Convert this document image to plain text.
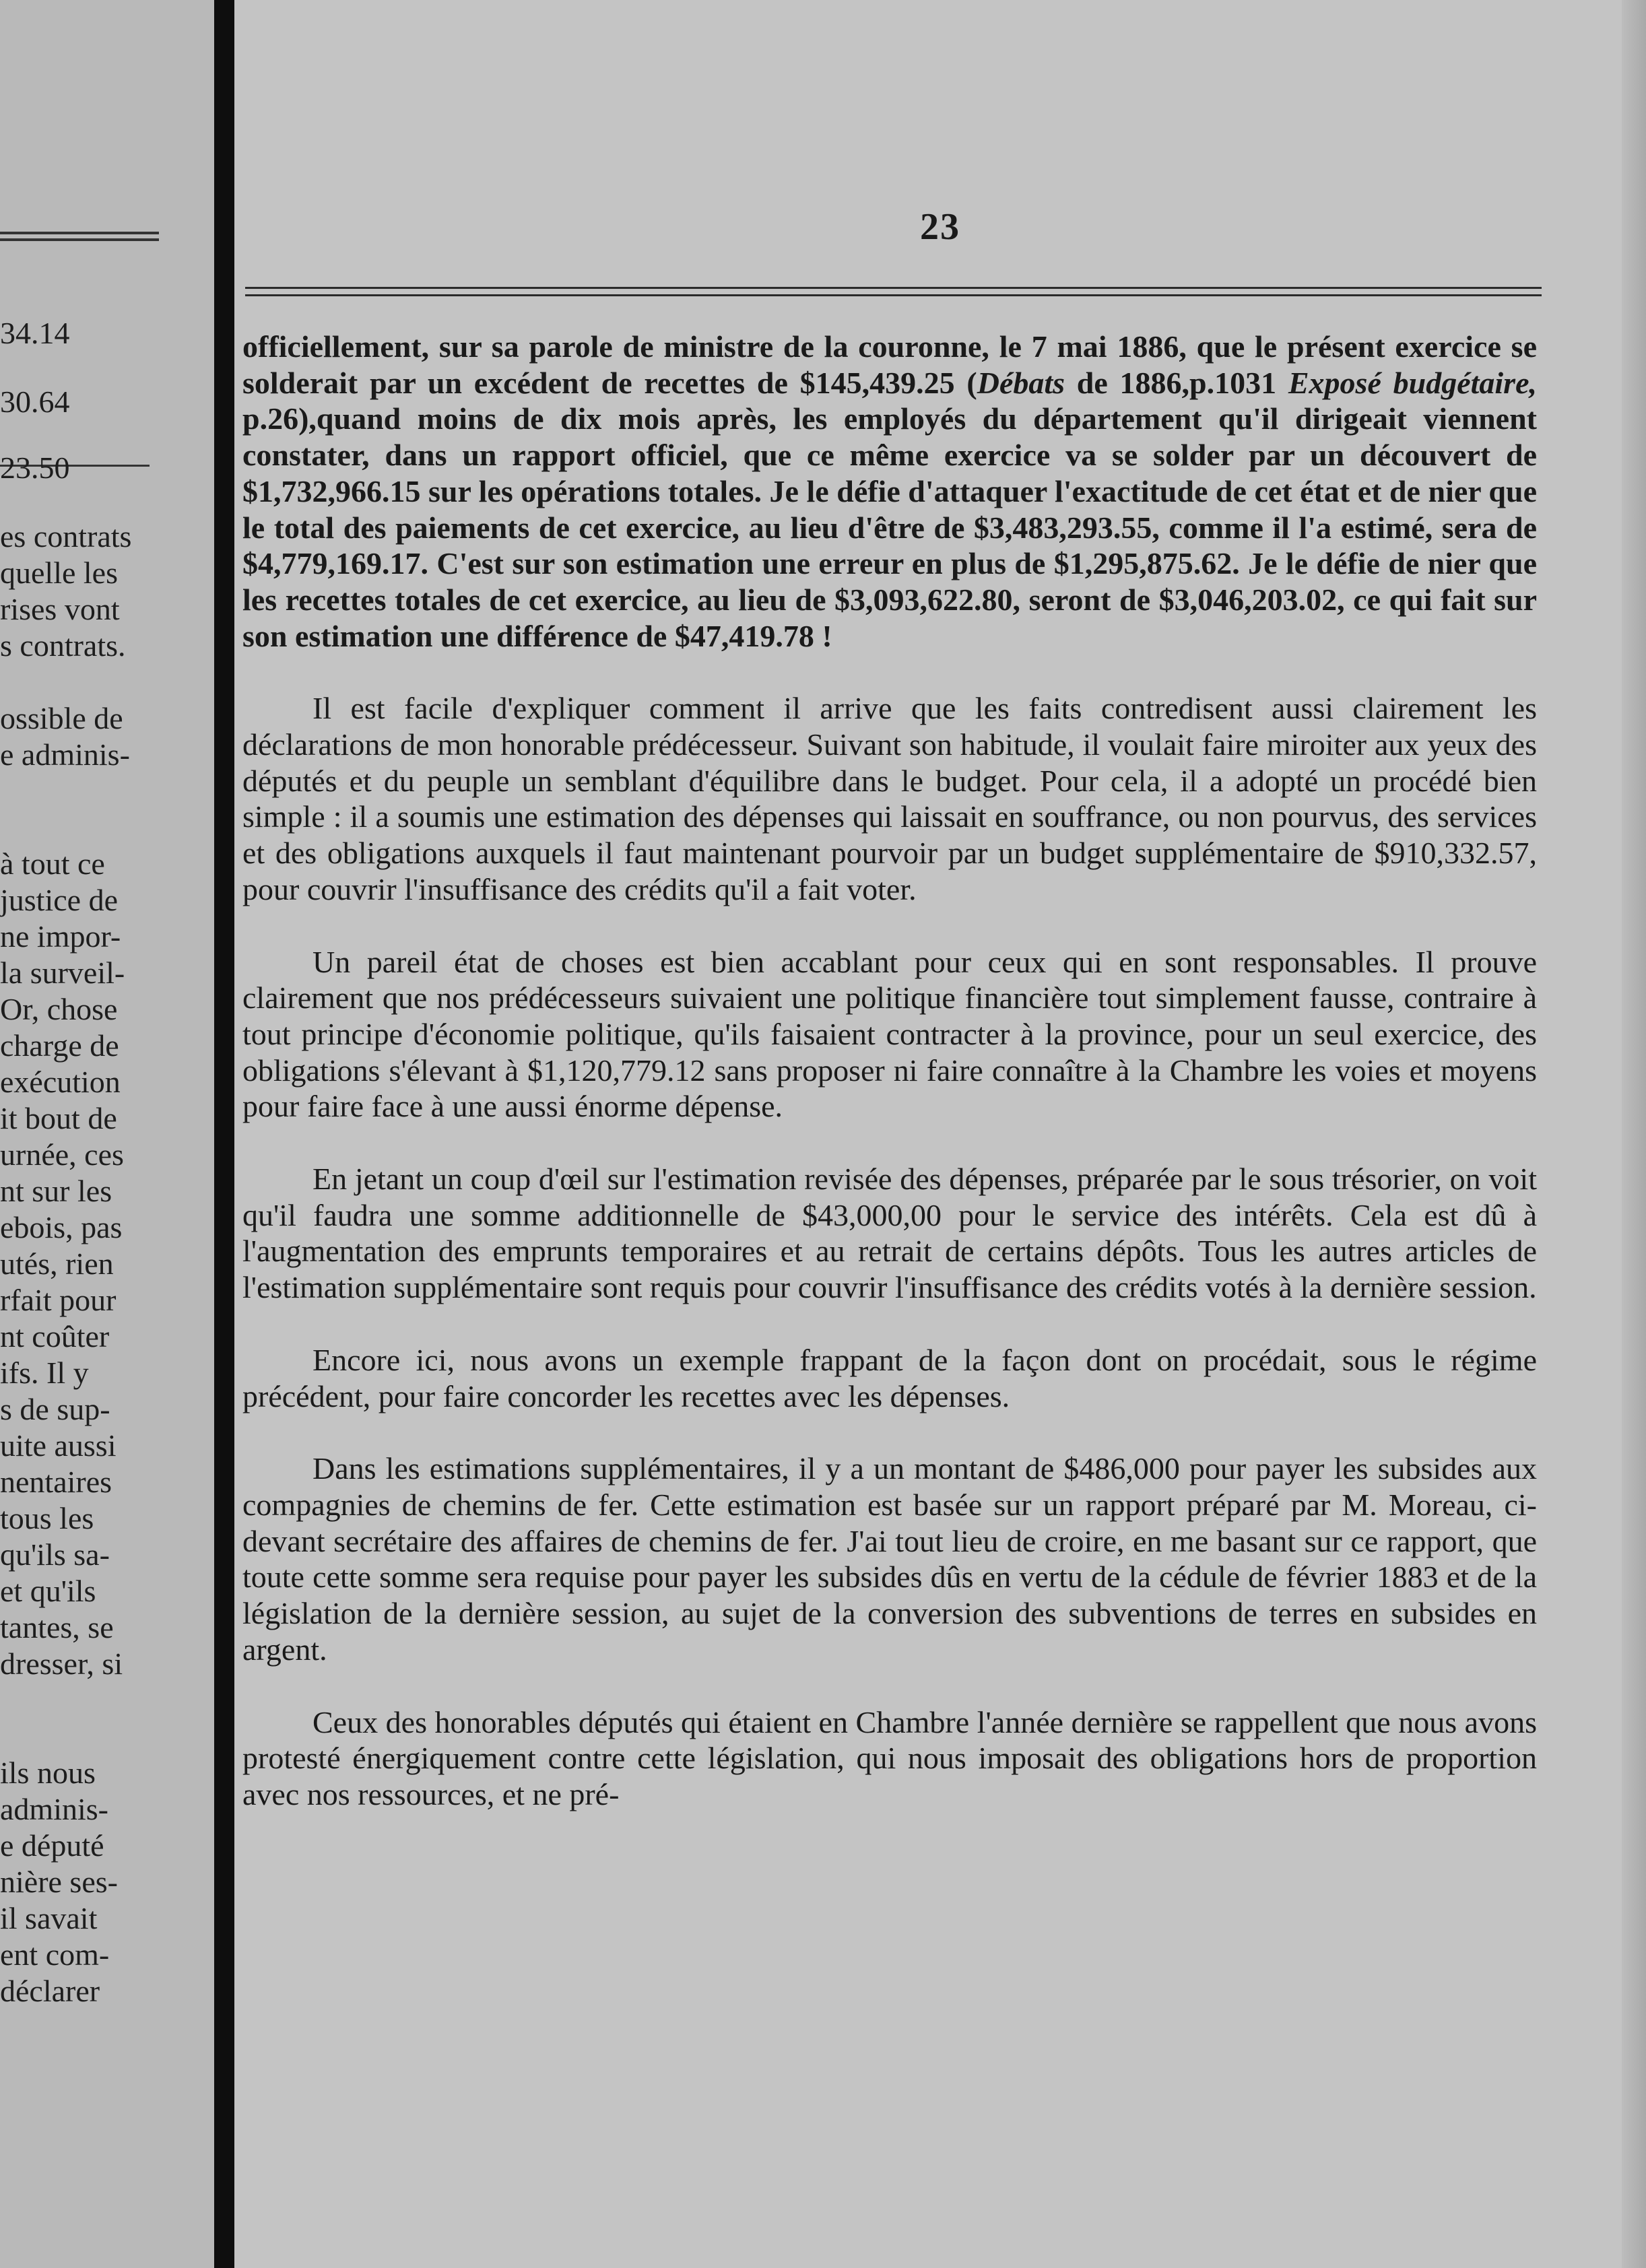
34.14
30.64
23.50
es contrats
quelle les
rises vont
s contrats.
ossible de
e adminis-
à tout ce
justice de
ne impor-
la surveil-
Or, chose
charge de
exécution
it bout de
urnée, ces
nt sur les
ebois, pas
utés, rien
rfait pour
nt coûter
ifs. Il y
s de sup-
uite aussi
nentaires
tous les
qu'ils sa-
et qu'ils
tantes, se
dresser, si
ils nous
adminis-
e député
nière ses-
il savait
ent com-
déclarer
23

officiellement, sur sa parole de ministre de la couronne, le 7 mai 1886, que le présent exercice se solderait par un excédent de recettes de $145,439.25 (Débats de 1886,p.1031 Exposé budgétaire, p.26),quand moins de dix mois après, les employés du département qu'il dirigeait viennent constater, dans un rapport officiel, que ce même exercice va se solder par un découvert de $1,732,966.15 sur les opérations totales. Je le défie d'attaquer l'exactitude de cet état et de nier que le total des paiements de cet exercice, au lieu d'être de $3,483,293.55, comme il l'a estimé, sera de $4,779,169.17. C'est sur son estimation une erreur en plus de $1,295,875.62. Je le défie de nier que les recettes totales de cet exercice, au lieu de $3,093,622.80, seront de $3,046,203.02, ce qui fait sur son estimation une différence de $47,419.78 !

Il est facile d'expliquer comment il arrive que les faits contredisent aussi clairement les déclarations de mon honorable prédécesseur. Suivant son habitude, il voulait faire miroiter aux yeux des députés et du peuple un semblant d'équilibre dans le budget. Pour cela, il a adopté un procédé bien simple : il a soumis une estimation des dépenses qui laissait en souffrance, ou non pourvus, des services et des obligations auxquels il faut maintenant pourvoir par un budget supplémentaire de $910,332.57, pour couvrir l'insuffisance des crédits qu'il a fait voter.

Un pareil état de choses est bien accablant pour ceux qui en sont responsables. Il prouve clairement que nos prédécesseurs suivaient une politique financière tout simplement fausse, contraire à tout principe d'économie politique, qu'ils faisaient contracter à la province, pour un seul exercice, des obligations s'élevant à $1,120,779.12 sans proposer ni faire connaître à la Chambre les voies et moyens pour faire face à une aussi énorme dépense.

En jetant un coup d'œil sur l'estimation revisée des dépenses, préparée par le sous trésorier, on voit qu'il faudra une somme additionnelle de $43,000,00 pour le service des intérêts. Cela est dû à l'augmentation des emprunts temporaires et au retrait de certains dépôts. Tous les autres articles de l'estimation supplémentaire sont requis pour couvrir l'insuffisance des crédits votés à la dernière session.

Encore ici, nous avons un exemple frappant de la façon dont on procédait, sous le régime précédent, pour faire concorder les recettes avec les dépenses.

Dans les estimations supplémentaires, il y a un montant de $486,000 pour payer les subsides aux compagnies de chemins de fer. Cette estimation est basée sur un rapport préparé par M. Moreau, ci-devant secrétaire des affaires de chemins de fer. J'ai tout lieu de croire, en me basant sur ce rapport, que toute cette somme sera requise pour payer les subsides dûs en vertu de la cédule de février 1883 et de la législation de la dernière session, au sujet de la conversion des subventions de terres en subsides en argent.

Ceux des honorables députés qui étaient en Chambre l'année dernière se rappellent que nous avons protesté énergiquement contre cette législation, qui nous imposait des obligations hors de proportion avec nos ressources, et ne pré-
